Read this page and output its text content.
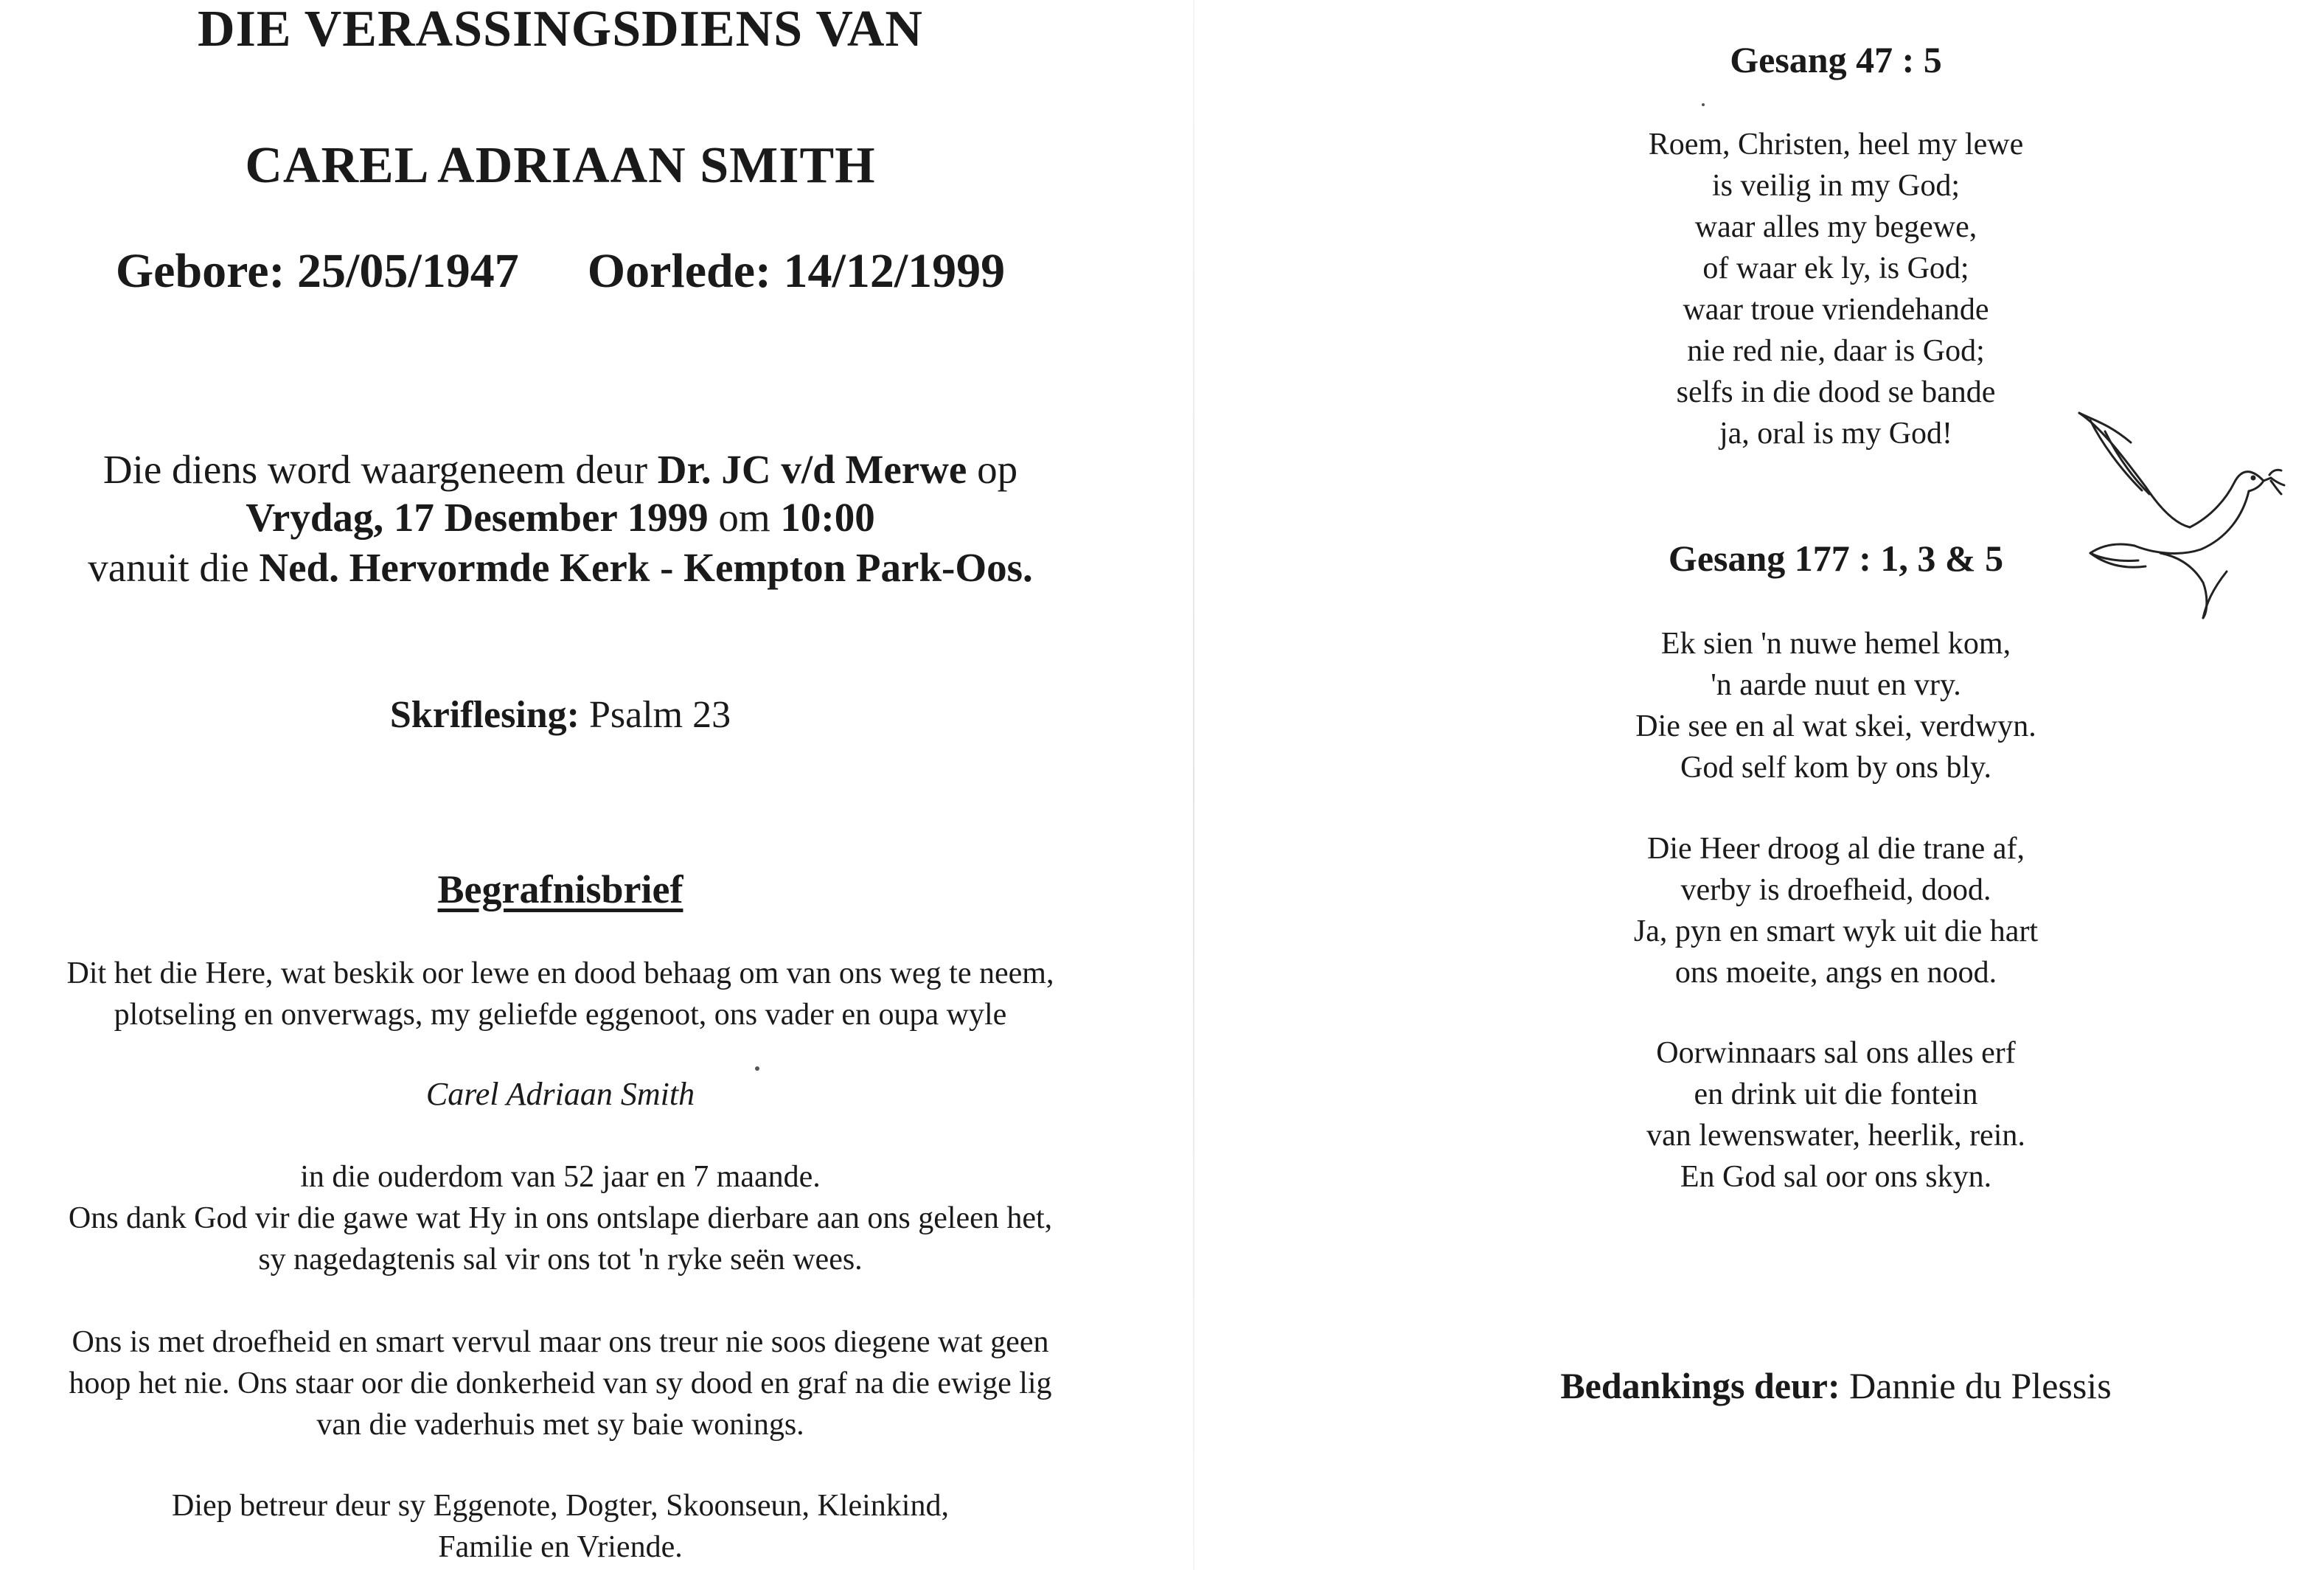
DIE VERASSINGSDIENS VAN
CAREL ADRIAAN SMITH
Gebore: 25/05/1947 Oorlede: 14/12/1999
Die diens word waargeneem deur Dr. JC v/d Merwe op
Vrydag, 17 Desember 1999 om 10:00
vanuit die Ned. Hervormde Kerk - Kempton Park-Oos.
Skriflesing: Psalm 23
Begrafnisbrief
Dit het die Here, wat beskik oor lewe en dood behaag om van ons weg te neem,
plotseling en onverwags, my geliefde eggenoot, ons vader en oupa wyle
Carel Adriaan Smith
in die ouderdom van 52 jaar en 7 maande.
Ons dank God vir die gawe wat Hy in ons ontslape dierbare aan ons geleen het,
sy nagedagtenis sal vir ons tot 'n ryke seën wees.
Ons is met droefheid en smart vervul maar ons treur nie soos diegene wat geen
hoop het nie. Ons staar oor die donkerheid van sy dood en graf na die ewige lig
van die vaderhuis met sy baie wonings.
Diep betreur deur sy Eggenote, Dogter, Skoonseun, Kleinkind,
Familie en Vriende.
Gesang 47 : 5
Roem, Christen, heel my lewe
is veilig in my God;
waar alles my begewe,
of waar ek ly, is God;
waar troue vriendehande
nie red nie, daar is God;
selfs in die dood se bande
ja, oral is my God!
Gesang 177 : 1, 3 & 5
Ek sien 'n nuwe hemel kom,
'n aarde nuut en vry.
Die see en al wat skei, verdwyn.
God self kom by ons bly.
Die Heer droog al die trane af,
verby is droefheid, dood.
Ja, pyn en smart wyk uit die hart
ons moeite, angs en nood.
Oorwinnaars sal ons alles erf
en drink uit die fontein
van lewenswater, heerlik, rein.
En God sal oor ons skyn.
Bedankings deur: Dannie du Plessis
